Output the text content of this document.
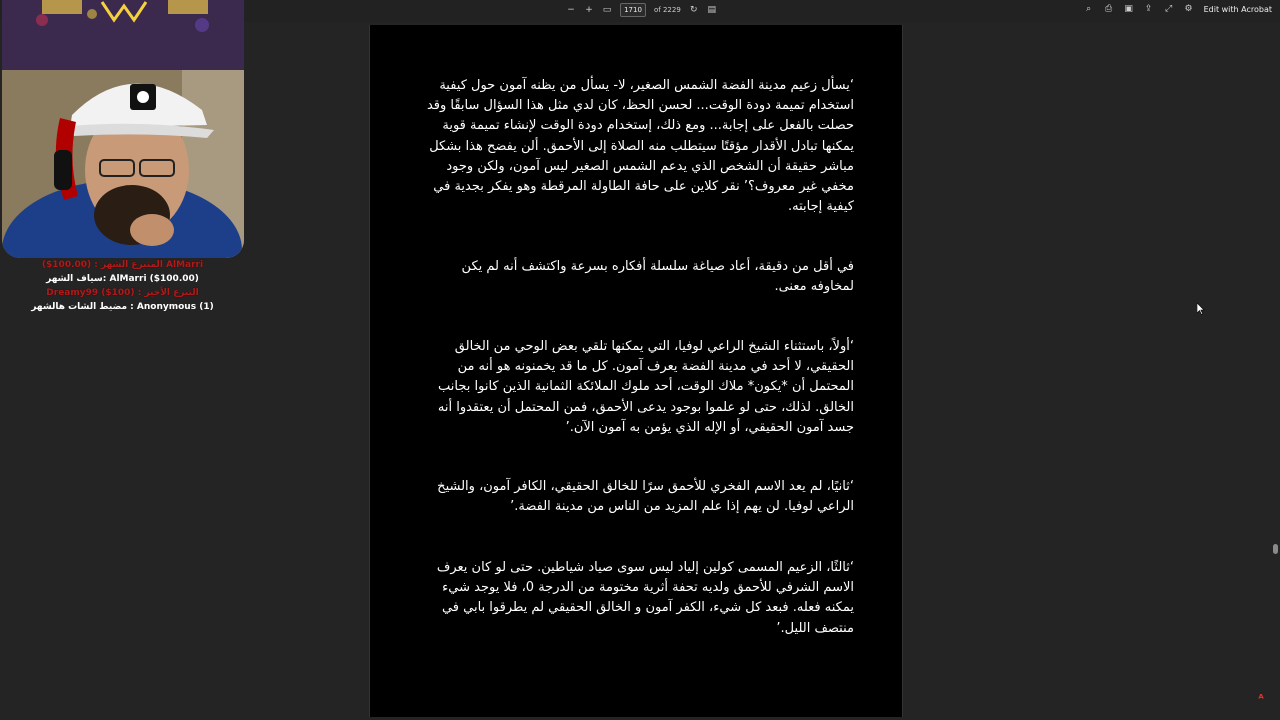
− + ▭	1710	of 2229 ↻ ▤	⌕ ⎙ ▣ ⇪ ⤢ ⚙ Edit with Acrobat

‘يسأل زعيم مدينة الفضة الشمس الصغير، لا- يسأل من يظنه آمون حول كيفية استخدام تميمة دودة الوقت... لحسن الحظ، كان لدي مثل هذا السؤال سابقًا وقد حصلت بالفعل على إجابة... ومع ذلك، إستخدام دودة الوقت لإنشاء تميمة قوية يمكنها تبادل الأقدار مؤقتًا سيتطلب منه الصلاة إلى الأحمق. ألن يفضح هذا بشكل مباشر حقيقة أن الشخص الذي يدعم الشمس الصغير ليس آمون، ولكن وجود مخفي غير معروف؟’ نقر كلاين على حافة الطاولة المرقطة وهو يفكر بجدية في كيفية إجابته.

في أقل من دقيقة، أعاد صياغة سلسلة أفكاره بسرعة واكتشف أنه لم يكن لمخاوفه معنى.

‘أولاً، باستثناء الشيخ الراعي لوفيا، التي يمكنها تلقي بعض الوحي من الخالق الحقيقي، لا أحد في مدينة الفضة يعرف آمون. كل ما قد يخمنونه هو أنه من المحتمل أن *يكون* ملاك الوقت، أحد ملوك الملائكة الثمانية الذين كانوا بجانب الخالق. لذلك، حتى لو علموا بوجود يدعى الأحمق، فمن المحتمل أن يعتقدوا أنه جسد آمون الحقيقي، أو الإله الذي يؤمن به آمون الآن.’

‘ثانيًا، لم يعد الاسم الفخري للأحمق سرًا للخالق الحقيقي، الكافر آمون، والشيخ الراعي لوفيا. لن يهم إذا علم المزيد من الناس من مدينة الفضة.’

‘ثالثًا، الزعيم المسمى كولين إلياد ليس سوى صياد شياطين. حتى لو كان يعرف الاسم الشرفي للأحمق ولديه تحفة أثرية مختومة من الدرجة 0، فلا يوجد شيء يمكنه فعله. فبعد كل شيء، الكفر آمون و الخالق الحقيقي لم يطرقوا بابي في منتصف الليل.’

ᴬ
المتبرع الشهر : (100.00$) AlMarri
سياف الشهر: AlMarri ($100.00)
Dreamy99 ($100) : التبرع الأخير
مضيط الشات هالشهر : Anonymous (1)
